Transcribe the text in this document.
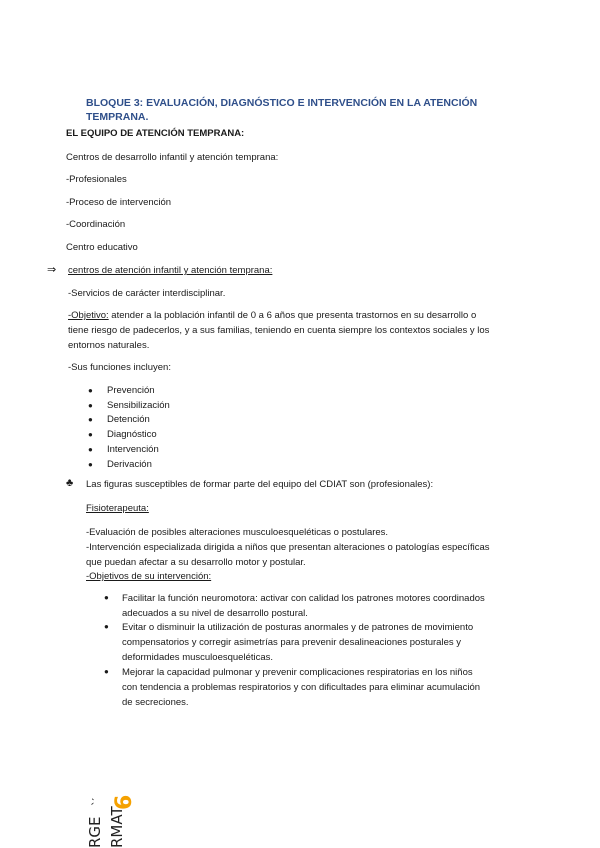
BLOQUE 3: EVALUACIÓN, DIAGNÓSTICO E INTERVENCIÓN EN LA ATENCIÓN
TEMPRANA.
EL EQUIPO DE ATENCIÓN TEMPRANA:
Centros de desarrollo infantil y atención temprana:
-Profesionales
-Proceso de intervención
-Coordinación
Centro educativo
⇒ centros de atención infantil y atención temprana:
-Servicios de carácter interdisciplinar.
-Objetivo: atender a la población infantil de 0 a 6 años que presenta trastornos en su desarrollo o
tiene riesgo de padecerlos, y a sus familias, teniendo en cuenta siempre los contextos sociales y los
entornos naturales.
-Sus funciones incluyen:
● Prevención
● Sensibilización
● Detención
● Diagnóstico
● Intervención
● Derivación
♣ Las figuras susceptibles de formar parte del equipo del CDIAT son (profesionales):
Fisioterapeuta:
-Evaluación de posibles alteraciones musculoesqueléticas o postulares.
-Intervención especializada dirigida a niños que presentan alteraciones o patologías específicas
que puedan afectar a su desarrollo motor y postular.
-Objetivos de su intervención:
● Facilitar la función neuromotora: activar con calidad los patrones motores coordinados
adecuados a su nivel de desarrollo postural.
● Evitar o disminuir la utilización de posturas anormales y de patrones de movimiento
compensatorios y corregir asimetrías para prevenir desalineaciones posturales y
deformidades musculoesqueléticas.
● Mejorar la capacidad pulmonar y prevenir complicaciones respiratorias en los niños
con tendencia a problemas respiratorios y con dificultades para eliminar acumulación
de secreciones.
RGE
ˋ′
RMAT
6
